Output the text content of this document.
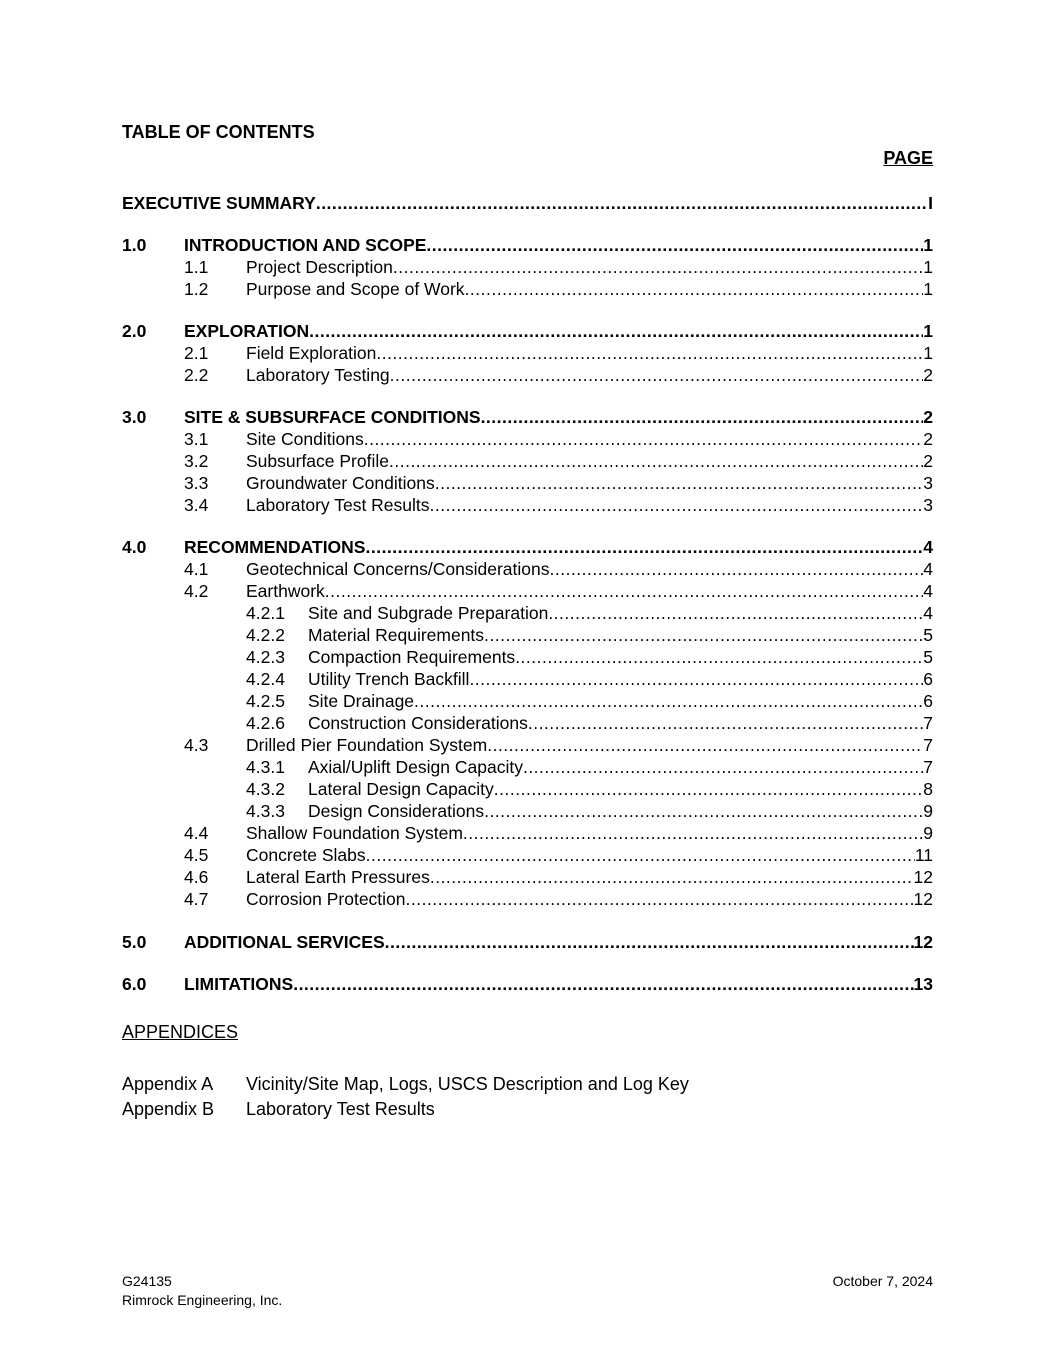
TABLE OF CONTENTS
PAGE
EXECUTIVE SUMMARY .....	I
1.0	INTRODUCTION AND SCOPE .....	1
1.1	Project Description .....	1
1.2	Purpose and Scope of Work .....	1
2.0	EXPLORATION .....	1
2.1	Field Exploration .....	1
2.2	Laboratory Testing .....	2
3.0	SITE & SUBSURFACE CONDITIONS .....	2
3.1	Site Conditions .....	2
3.2	Subsurface Profile .....	2
3.3	Groundwater Conditions .....	3
3.4	Laboratory Test Results .....	3
4.0	RECOMMENDATIONS .....	4
4.1	Geotechnical Concerns/Considerations .....	4
4.2	Earthwork .....	4
4.2.1	Site and Subgrade Preparation .....	4
4.2.2	Material Requirements .....	5
4.2.3	Compaction Requirements .....	5
4.2.4	Utility Trench Backfill .....	6
4.2.5	Site Drainage .....	6
4.2.6	Construction Considerations .....	7
4.3	Drilled Pier Foundation System .....	7
4.3.1	Axial/Uplift Design Capacity .....	7
4.3.2	Lateral Design Capacity .....	8
4.3.3	Design Considerations .....	9
4.4	Shallow Foundation System .....	9
4.5	Concrete Slabs .....	11
4.6	Lateral Earth Pressures .....	12
4.7	Corrosion Protection .....	12
5.0	ADDITIONAL SERVICES .....	12
6.0	LIMITATIONS .....	13
APPENDICES
Appendix A	Vicinity/Site Map, Logs, USCS Description and Log Key
Appendix B	Laboratory Test Results
G24135
Rimrock Engineering, Inc.
October 7, 2024
